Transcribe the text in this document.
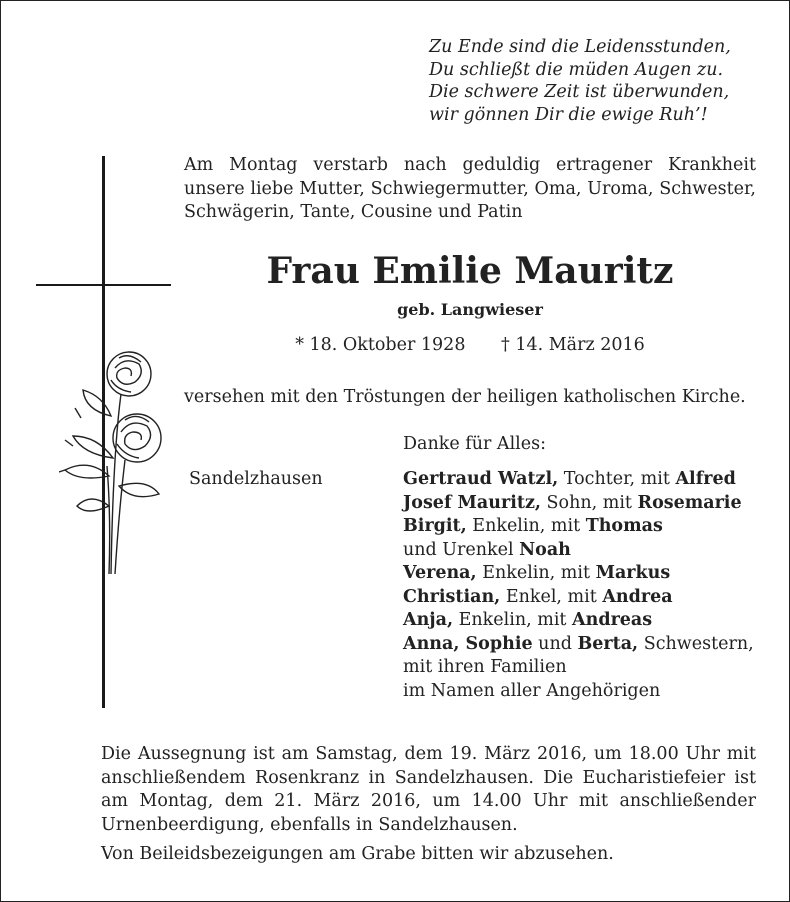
Zu Ende sind die Leidensstunden,
Du schließt die müden Augen zu.
Die schwere Zeit ist überwunden,
wir gönnen Dir die ewige Ruh’!
Am Montag verstarb nach geduldig ertragener Krankheit unsere liebe Mutter, Schwiegermutter, Oma, Uroma, Schwester, Schwägerin, Tante, Cousine und Patin
Frau Emilie Mauritz
geb. Langwieser
* 18. Oktober 1928 † 14. März 2016
versehen mit den Tröstungen der heiligen katholischen Kirche.
Danke für Alles:
Sandelzhausen	Gertraud Watzl, Tochter, mit Alfred
Josef Mauritz, Sohn, mit Rosemarie
Birgit, Enkelin, mit Thomas
und Urenkel Noah
Verena, Enkelin, mit Markus
Christian, Enkel, mit Andrea
Anja, Enkelin, mit Andreas
Anna, Sophie und Berta, Schwestern,
mit ihren Familien
im Namen aller Angehörigen
Die Aussegnung ist am Samstag, dem 19. März 2016, um 18.00 Uhr mit anschließendem Rosenkranz in Sandelzhausen. Die Eucharistiefeier ist am Montag, dem 21. März 2016, um 14.00 Uhr mit anschließender Urnenbeerdigung, ebenfalls in Sandelzhausen.
Von Beileidsbezeigungen am Grabe bitten wir abzusehen.
